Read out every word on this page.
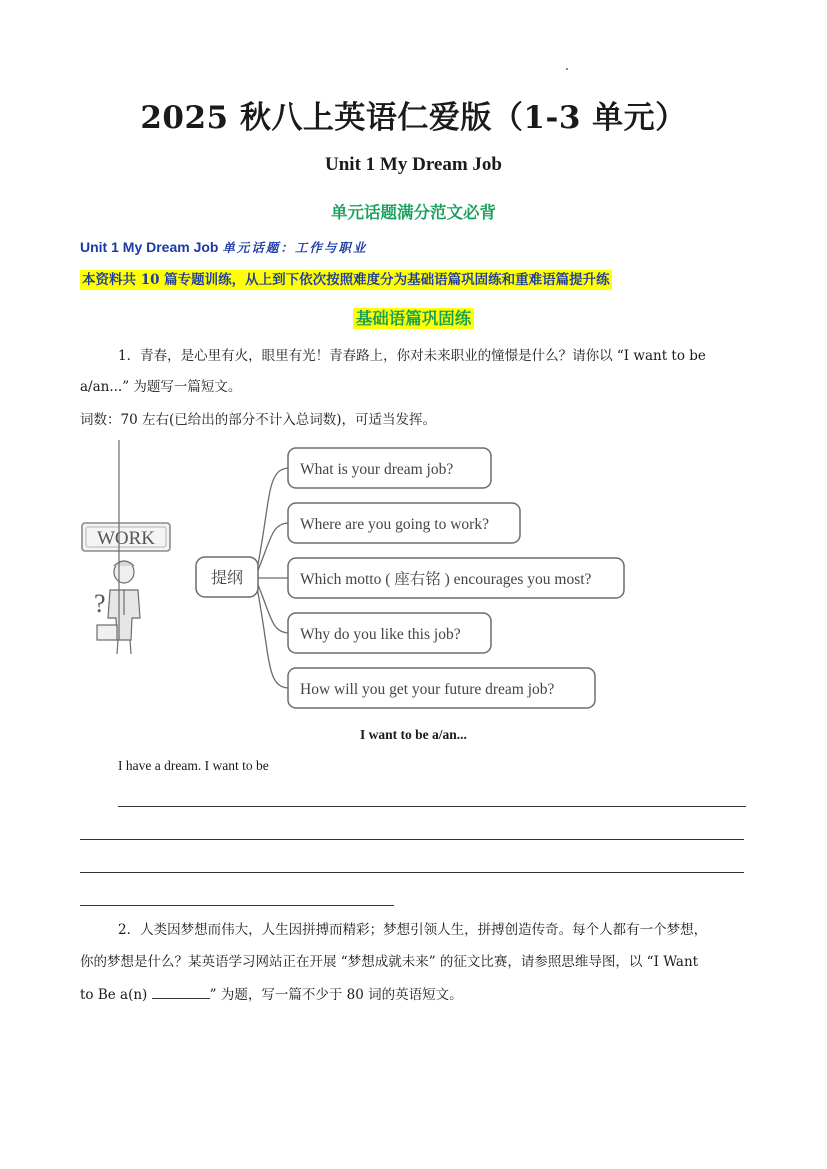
2025 秋八上英语仁爱版（1-3 单元）
Unit 1 My Dream Job
单元话题满分范文必背
Unit 1 My Dream Job 单元话题：工作与职业
本资料共 10 篇专题训练，从上到下依次按照难度分为基础语篇巩固练和重难语篇提升练
基础语篇巩固练
1．青春，是心里有火，眼里有光！青春路上，你对未来职业的憧憬是什么？请你以 “I want to be
a/an...” 为题写一篇短文。
词数：70 左右(已给出的部分不计入总词数)，可适当发挥。
WORK
?
提纲
What is your dream job?
Where are you going to work?
Which motto ( 座右铭 ) encourages you most?
Why do you like this job?
How will you get your future dream job?
I want to be a/an...
I have a dream. I want to be
2．人类因梦想而伟大，人生因拼搏而精彩；梦想引领人生，拼搏创造传奇。每个人都有一个梦想，
你的梦想是什么？某英语学习网站正在开展 “梦想成就未来” 的征文比赛，请参照思维导图，以 “I Want
to Be a(n)	” 为题，写一篇不少于 80 词的英语短文。
